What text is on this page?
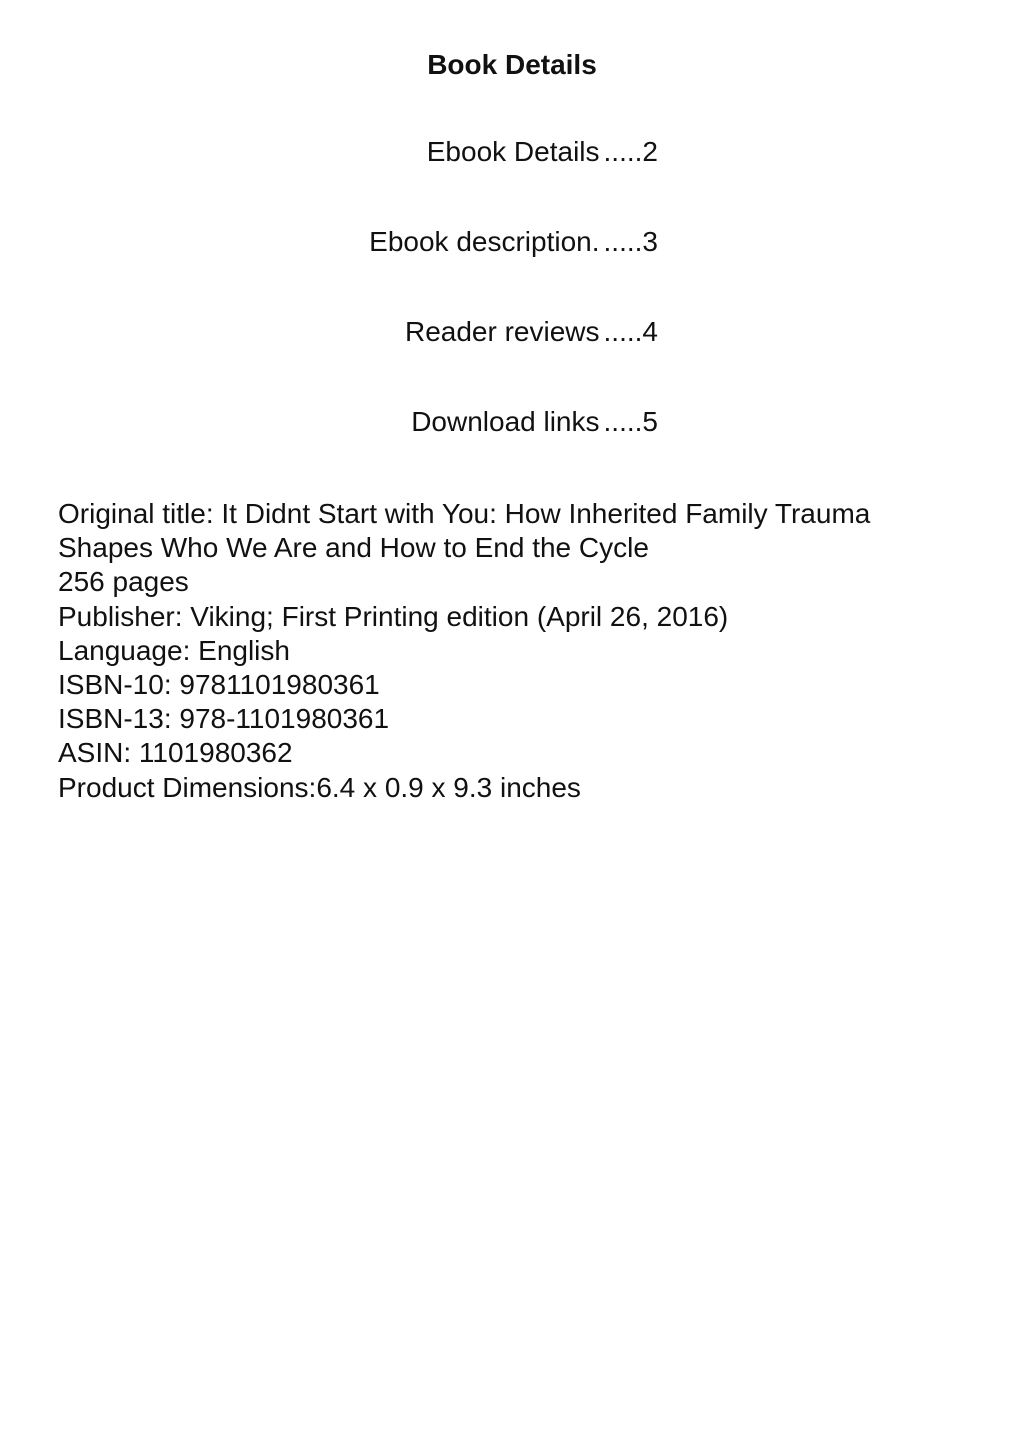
Book Details
Ebook Details .....2
Ebook description. .....3
Reader reviews .....4
Download links .....5
Original title: It Didnt Start with You: How Inherited Family Trauma
Shapes Who We Are and How to End the Cycle
256 pages
Publisher: Viking; First Printing edition (April 26, 2016)
Language: English
ISBN-10: 9781101980361
ISBN-13: 978-1101980361
ASIN: 1101980362
Product Dimensions:6.4 x 0.9 x 9.3 inches
